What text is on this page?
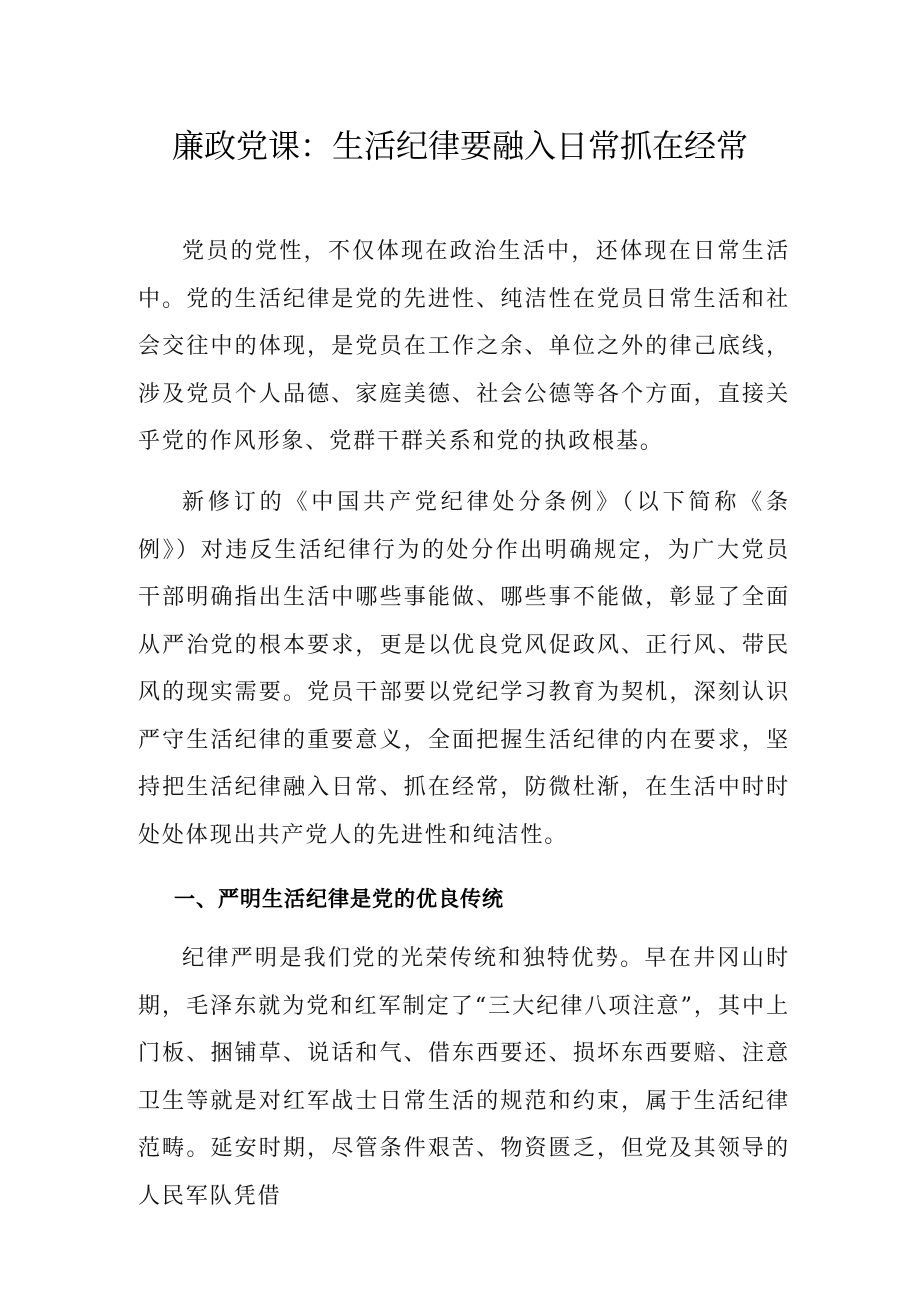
廉政党课：生活纪律要融入日常抓在经常

党员的党性，不仅体现在政治生活中，还体现在日常生活中。党的生活纪律是党的先进性、纯洁性在党员日常生活和社会交往中的体现，是党员在工作之余、单位之外的律己底线，涉及党员个人品德、家庭美德、社会公德等各个方面，直接关乎党的作风形象、党群干群关系和党的执政根基。

新修订的《中国共产党纪律处分条例》（以下简称《条例》）对违反生活纪律行为的处分作出明确规定，为广大党员干部明确指出生活中哪些事能做、哪些事不能做，彰显了全面从严治党的根本要求，更是以优良党风促政风、正行风、带民风的现实需要。党员干部要以党纪学习教育为契机，深刻认识严守生活纪律的重要意义，全面把握生活纪律的内在要求，坚持把生活纪律融入日常、抓在经常，防微杜渐，在生活中时时处处体现出共产党人的先进性和纯洁性。

一、严明生活纪律是党的优良传统

纪律严明是我们党的光荣传统和独特优势。早在井冈山时期，毛泽东就为党和红军制定了“三大纪律八项注意”，其中上门板、捆铺草、说话和气、借东西要还、损坏东西要赔、注意卫生等就是对红军战士日常生活的规范和约束，属于生活纪律范畴。延安时期，尽管条件艰苦、物资匮乏，但党及其领导的人民军队凭借
